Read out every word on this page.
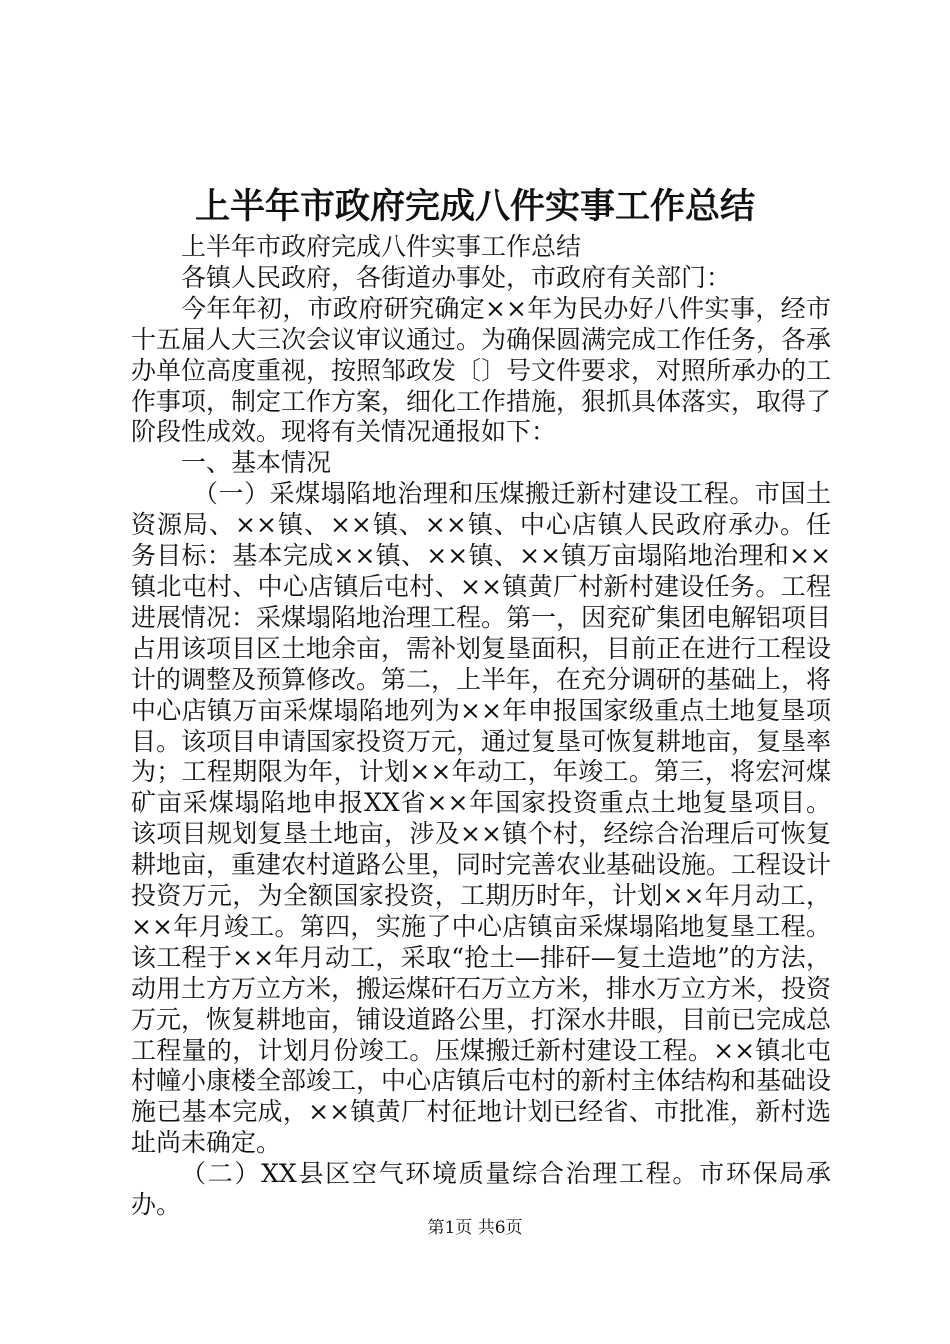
上半年市政府完成八件实事工作总结

上半年市政府完成八件实事工作总结

各镇人民政府，各街道办事处，市政府有关部门：

今年年初，市政府研究确定××年为民办好八件实事，经市十五届人大三次会议审议通过。为确保圆满完成工作任务，各承办单位高度重视，按照邹政发〔〕号文件要求，对照所承办的工作事项，制定工作方案，细化工作措施，狠抓具体落实，取得了阶段性成效。现将有关情况通报如下：

一、基本情况

（一）采煤塌陷地治理和压煤搬迁新村建设工程。市国土资源局、××镇、××镇、××镇、中心店镇人民政府承办。任务目标：基本完成××镇、××镇、××镇万亩塌陷地治理和××镇北屯村、中心店镇后屯村、××镇黄厂村新村建设任务。工程进展情况：采煤塌陷地治理工程。第一，因兖矿集团电解铝项目占用该项目区土地余亩，需补划复垦面积，目前正在进行工程设计的调整及预算修改。第二，上半年，在充分调研的基础上，将中心店镇万亩采煤塌陷地列为××年申报国家级重点土地复垦项目。该项目申请国家投资万元，通过复垦可恢复耕地亩，复垦率为；工程期限为年，计划××年动工，年竣工。第三，将宏河煤矿亩采煤塌陷地申报XX省××年国家投资重点土地复垦项目。该项目规划复垦土地亩，涉及××镇个村，经综合治理后可恢复耕地亩，重建农村道路公里，同时完善农业基础设施。工程设计投资万元，为全额国家投资，工期历时年，计划××年月动工，××年月竣工。第四，实施了中心店镇亩采煤塌陷地复垦工程。该工程于××年月动工，采取“抢土—排矸—复土造地”的方法，动用土方万立方米，搬运煤矸石万立方米，排水万立方米，投资万元，恢复耕地亩，铺设道路公里，打深水井眼，目前已完成总工程量的，计划月份竣工。压煤搬迁新村建设工程。××镇北屯村幢小康楼全部竣工，中心店镇后屯村的新村主体结构和基础设施已基本完成，××镇黄厂村征地计划已经省、市批准，新村选址尚未确定。

（二）XX县区空气环境质量综合治理工程。市环保局承办。

第1页 共6页
